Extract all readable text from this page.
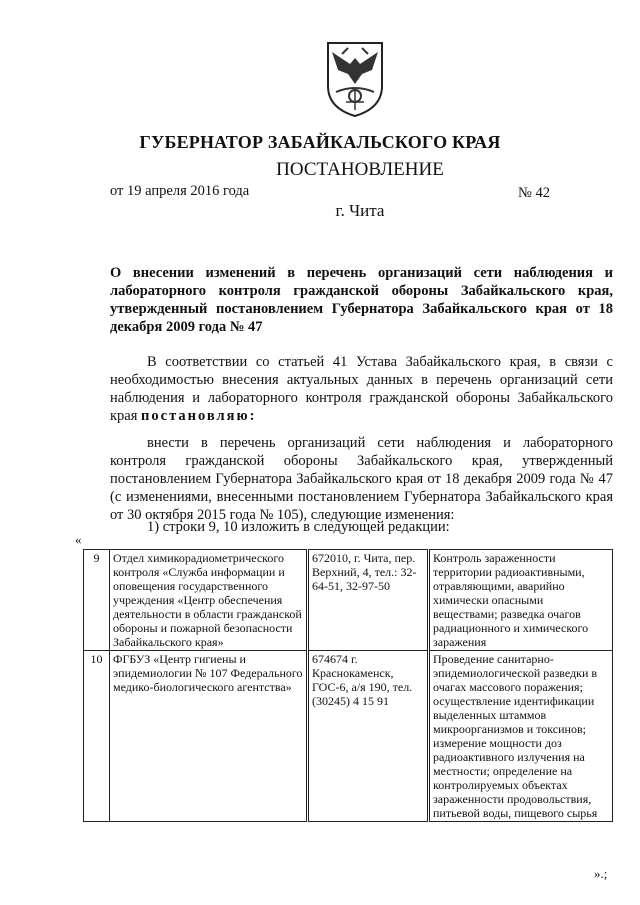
ГУБЕРНАТОР ЗАБАЙКАЛЬСКОГО КРАЯ
ПОСТАНОВЛЕНИЕ
от 19 апреля 2016 года	№ 42
г. Чита
О внесении изменений в перечень организаций сети наблюдения и лабораторного контроля гражданской обороны Забайкальского края, утвержденный постановлением Губернатора Забайкальского края от 18 декабря 2009 года № 47
В соответствии со статьей 41 Устава Забайкальского края, в связи с необходимостью внесения актуальных данных в перечень организаций сети наблюдения и лабораторного контроля гражданской обороны Забайкальского края постановляю:
внести в перечень организаций сети наблюдения и лабораторного контроля гражданской обороны Забайкальского края, утвержденный постановлением Губернатора Забайкальского края от 18 декабря 2009 года № 47 (с изменениями, внесенными постановлением Губернатора Забайкальского края от 30 октября 2015 года № 105), следующие изменения:
1) строки 9, 10 изложить в следующей редакции:
«
9	Отдел химикорадиометрического контроля «Служба информации и оповещения государственного учреждения «Центр обеспечения деятельности в области гражданской обороны и пожарной безопасности Забайкальского края»	672010, г. Чита, пер. Верхний, 4, тел.: 32-64-51, 32-97-50	Контроль зараженности территории радиоактивными, отравляющими, аварийно химически опасными веществами; разведка очагов радиационного и химического заражения
10	ФГБУЗ «Центр гигиены и эпидемиологии № 107 Федерального медико-биологического агентства»	674674 г. Краснокаменск, ГОС-6, а/я 190, тел. (30245) 4 15 91	Проведение санитарно-эпидемиологической разведки в очагах массового поражения; осуществление идентификации выделенных штаммов микроорганизмов и токсинов; измерение мощности доз радиоактивного излучения на местности; определение на контролируемых объектах зараженности продовольствия, питьевой воды, пищевого сырья
».;
